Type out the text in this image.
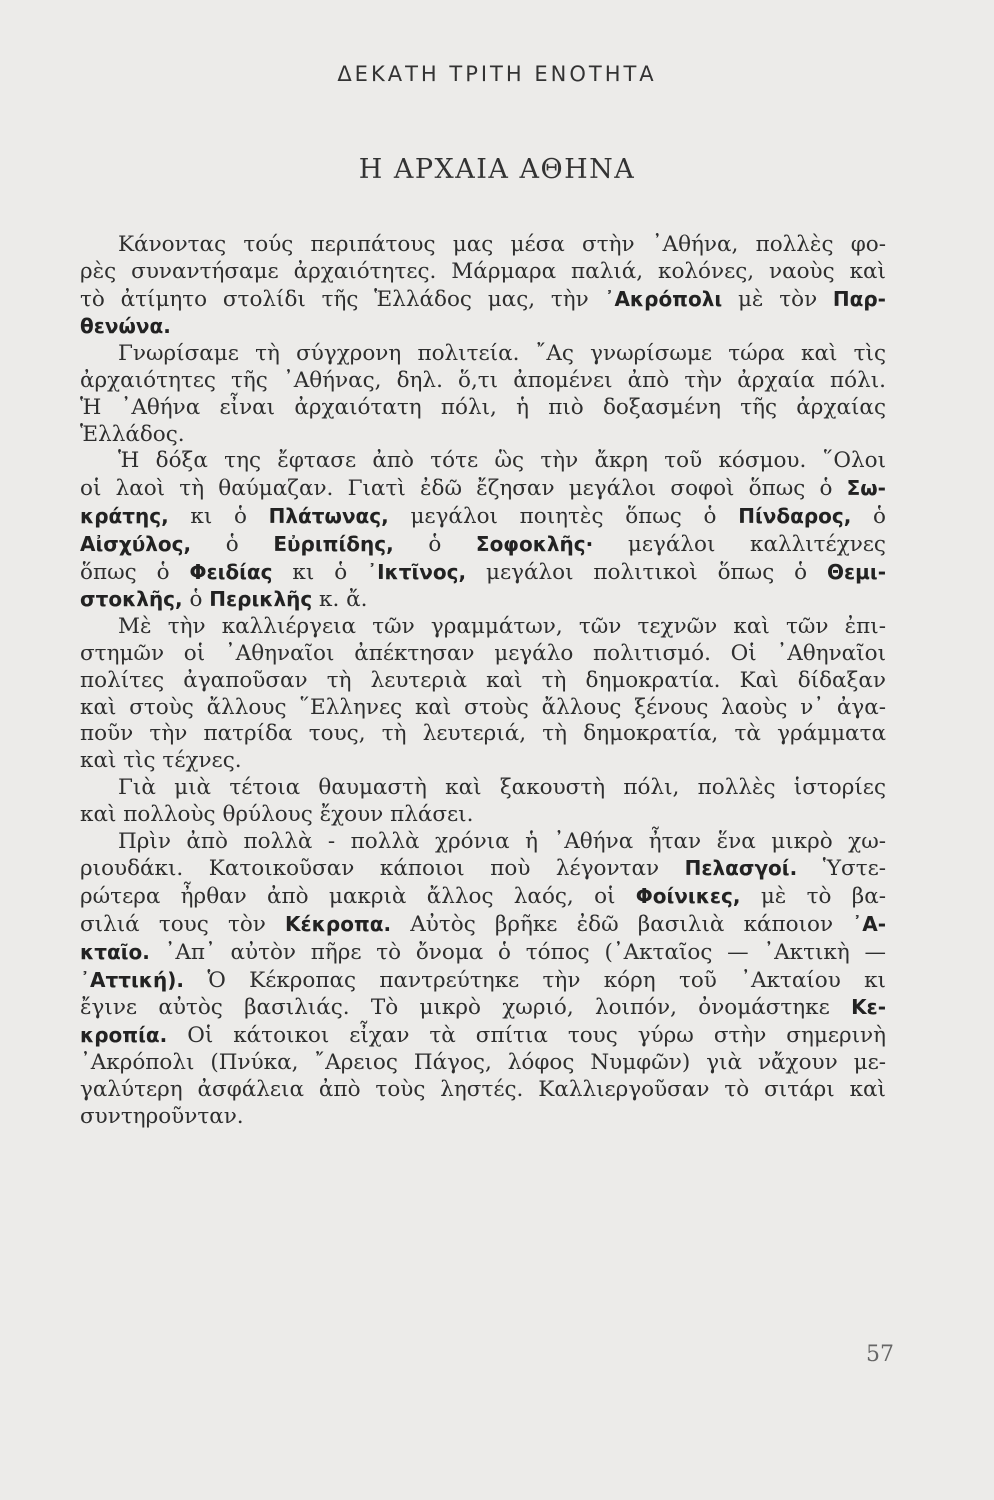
ΔΕΚΑΤΗ ΤΡΙΤΗ ΕΝΟΤΗΤΑ
Η ΑΡΧΑΙΑ ΑΘΗΝΑ
Κάνοντας τούς περιπάτους μας μέσα στὴν ᾽Αθήνα, πολλὲς φο-
ρὲς συναντήσαμε ἀρχαιότητες. Μάρμαρα παλιά, κολόνες, ναοὺς καὶ
τὸ ἀτίμητο στολίδι τῆς Ἑλλάδος μας, τὴν ᾽Ακρόπολι μὲ τὸν Παρ-
θενώνα.
Γνωρίσαμε τὴ σύγχρονη πολιτεία. ῎Ας γνωρίσωμε τώρα καὶ τὶς
ἀρχαιότητες τῆς ᾽Αθήνας, δηλ. ὅ,τι ἀπομένει ἀπὸ τὴν ἀρχαία πόλι.
Ἡ ᾽Αθήνα εἶναι ἀρχαιότατη πόλι, ἡ πιὸ δοξασμένη τῆς ἀρχαίας
Ἑλλάδος.
Ἡ δόξα της ἔφτασε ἀπὸ τότε ὣς τὴν ἄκρη τοῦ κόσμου. ῞Ολοι
οἱ λαοὶ τὴ θαύμαζαν. Γιατὶ ἐδῶ ἔζησαν μεγάλοι σοφοὶ ὅπως ὁ Σω-
κράτης, κι ὁ Πλάτωνας, μεγάλοι ποιητὲς ὅπως ὁ Πίνδαρος, ὁ
Αἰσχύλος, ὁ Εὐριπίδης, ὁ Σοφοκλῆς· μεγάλοι καλλιτέχνες
ὅπως ὁ Φειδίας κι ὁ ᾽Ικτῖνος, μεγάλοι πολιτικοὶ ὅπως ὁ Θεμι-
στοκλῆς, ὁ Περικλῆς κ. ἄ.
Μὲ τὴν καλλιέργεια τῶν γραμμάτων, τῶν τεχνῶν καὶ τῶν ἐπι-
στημῶν οἱ ᾽Αθηναῖοι ἀπέκτησαν μεγάλο πολιτισμό. Οἱ ᾽Αθηναῖοι
πολίτες ἀγαποῦσαν τὴ λευτεριὰ καὶ τὴ δημοκρατία. Καὶ δίδαξαν
καὶ στοὺς ἄλλους ῞Ελληνες καὶ στοὺς ἄλλους ξένους λαοὺς ν᾽ ἀγα-
ποῦν τὴν πατρίδα τους, τὴ λευτεριά, τὴ δημοκρατία, τὰ γράμματα
καὶ τὶς τέχνες.
Γιὰ μιὰ τέτοια θαυμαστὴ καὶ ξακουστὴ πόλι, πολλὲς ἱστορίες
καὶ πολλοὺς θρύλους ἔχουν πλάσει.
Πρὶν ἀπὸ πολλὰ - πολλὰ χρόνια ἡ ᾽Αθήνα ἦταν ἕνα μικρὸ χω-
ριουδάκι. Κατοικοῦσαν κάποιοι ποὺ λέγονταν Πελασγοί. Ὑστε-
ρώτερα ἦρθαν ἀπὸ μακριὰ ἄλλος λαός, οἱ Φοίνικες, μὲ τὸ βα-
σιλιά τους τὸν Κέκροπα. Αὐτὸς βρῆκε ἐδῶ βασιλιὰ κάποιον ᾽Α-
κταῖο. ᾽Απ᾽ αὐτὸν πῆρε τὸ ὄνομα ὁ τόπος (᾽Ακταῖος — ᾽Ακτικὴ —
᾽Αττική). Ὁ Κέκροπας παντρεύτηκε τὴν κόρη τοῦ ᾽Ακταίου κι
ἔγινε αὐτὸς βασιλιάς. Τὸ μικρὸ χωριό, λοιπόν, ὀνομάστηκε Κε-
κροπία. Οἱ κάτοικοι εἶχαν τὰ σπίτια τους γύρω στὴν σημερινὴ
᾽Ακρόπολι (Πνύκα, ῎Αρειος Πάγος, λόφος Νυμφῶν) γιὰ νἄχουν με-
γαλύτερη ἀσφάλεια ἀπὸ τοὺς ληστές. Καλλιεργοῦσαν τὸ σιτάρι καὶ
συντηροῦνταν.
57
